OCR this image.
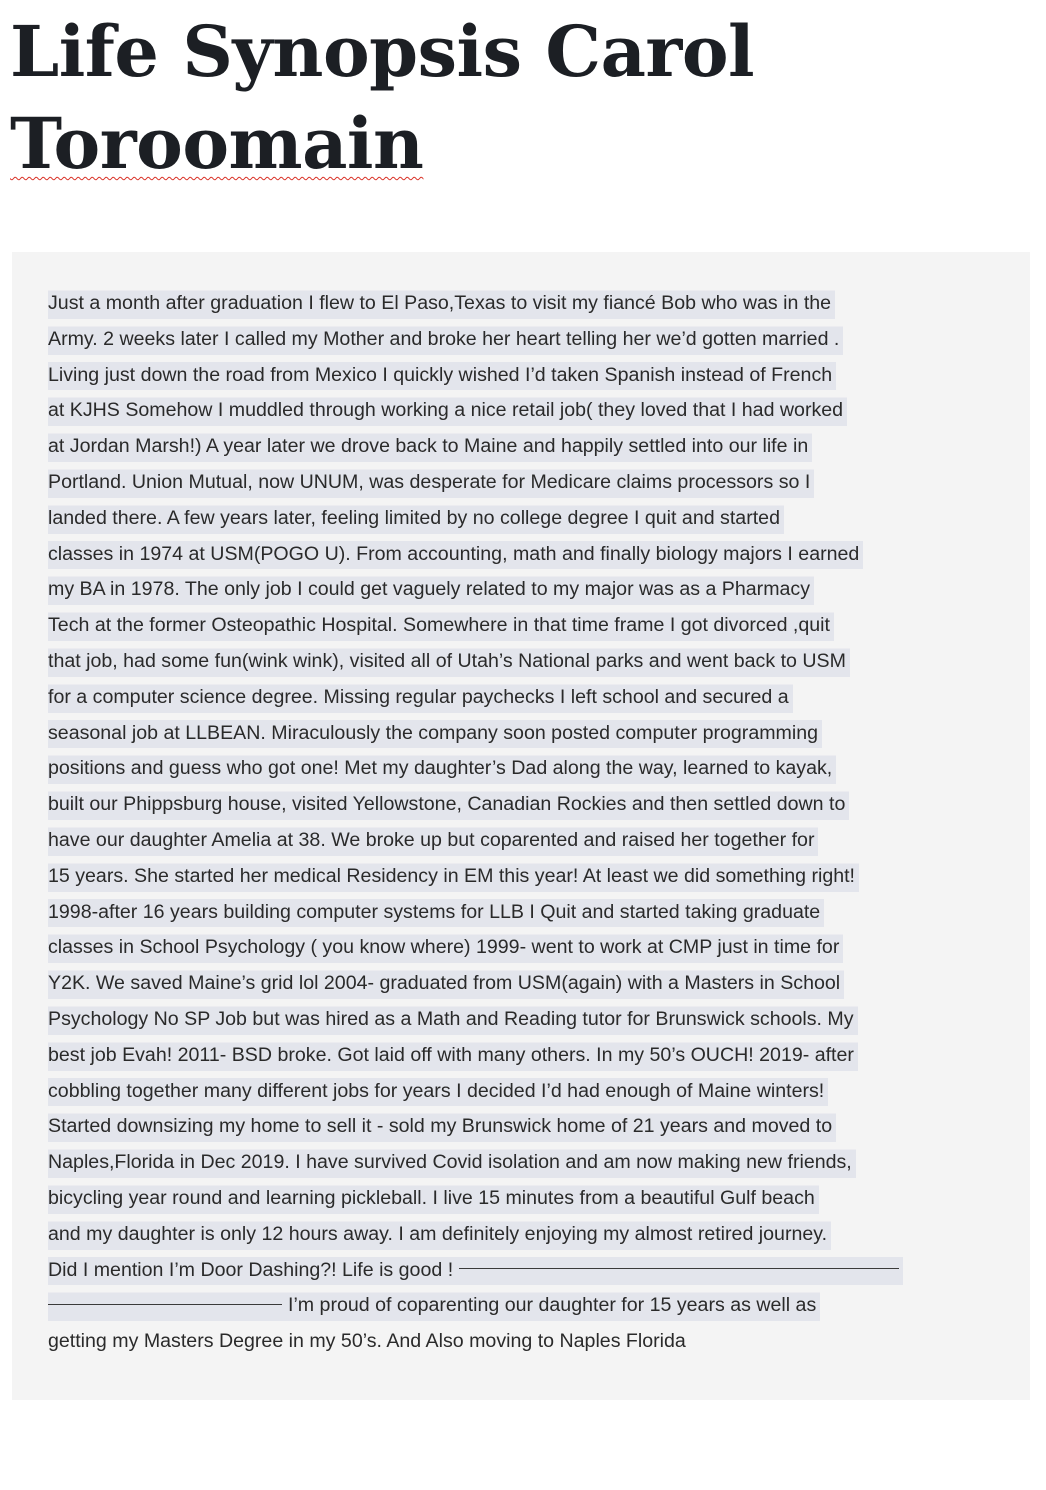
Life Synopsis Carol
Toroomain
Just a month after graduation I flew to El Paso,Texas to visit my fiancé Bob who was in the
Army. 2 weeks later I called my Mother and broke her heart telling her we’d gotten married .
Living just down the road from Mexico I quickly wished I’d taken Spanish instead of French
at KJHS Somehow I muddled through working a nice retail job( they loved that I had worked
at Jordan Marsh!) A year later we drove back to Maine and happily settled into our life in
Portland. Union Mutual, now UNUM, was desperate for Medicare claims processors so I
landed there. A few years later, feeling limited by no college degree I quit and started
classes in 1974 at USM(POGO U). From accounting, math and finally biology majors I earned
my BA in 1978. The only job I could get vaguely related to my major was as a Pharmacy
Tech at the former Osteopathic Hospital. Somewhere in that time frame I got divorced ,quit
that job, had some fun(wink wink), visited all of Utah’s National parks and went back to USM
for a computer science degree. Missing regular paychecks I left school and secured a
seasonal job at LLBEAN. Miraculously the company soon posted computer programming
positions and guess who got one! Met my daughter’s Dad along the way, learned to kayak,
built our Phippsburg house, visited Yellowstone, Canadian Rockies and then settled down to
have our daughter Amelia at 38. We broke up but coparented and raised her together for
15 years. She started her medical Residency in EM this year! At least we did something right!
1998-after 16 years building computer systems for LLB I Quit and started taking graduate
classes in School Psychology ( you know where) 1999- went to work at CMP just in time for
Y2K. We saved Maine’s grid lol 2004- graduated from USM(again) with a Masters in School
Psychology No SP Job but was hired as a Math and Reading tutor for Brunswick schools. My
best job Evah! 2011- BSD broke. Got laid off with many others. In my 50’s OUCH! 2019- after
cobbling together many different jobs for years I decided I’d had enough of Maine winters!
Started downsizing my home to sell it - sold my Brunswick home of 21 years and moved to
Naples,Florida in Dec 2019. I have survived Covid isolation and am now making new friends,
bicycling year round and learning pickleball. I live 15 minutes from a beautiful Gulf beach
and my daughter is only 12 hours away. I am definitely enjoying my almost retired journey.
Did I mention I’m Door Dashing?! Life is good !
I’m proud of coparenting our daughter for 15 years as well as
getting my Masters Degree in my 50’s. And Also moving to Naples Florida
